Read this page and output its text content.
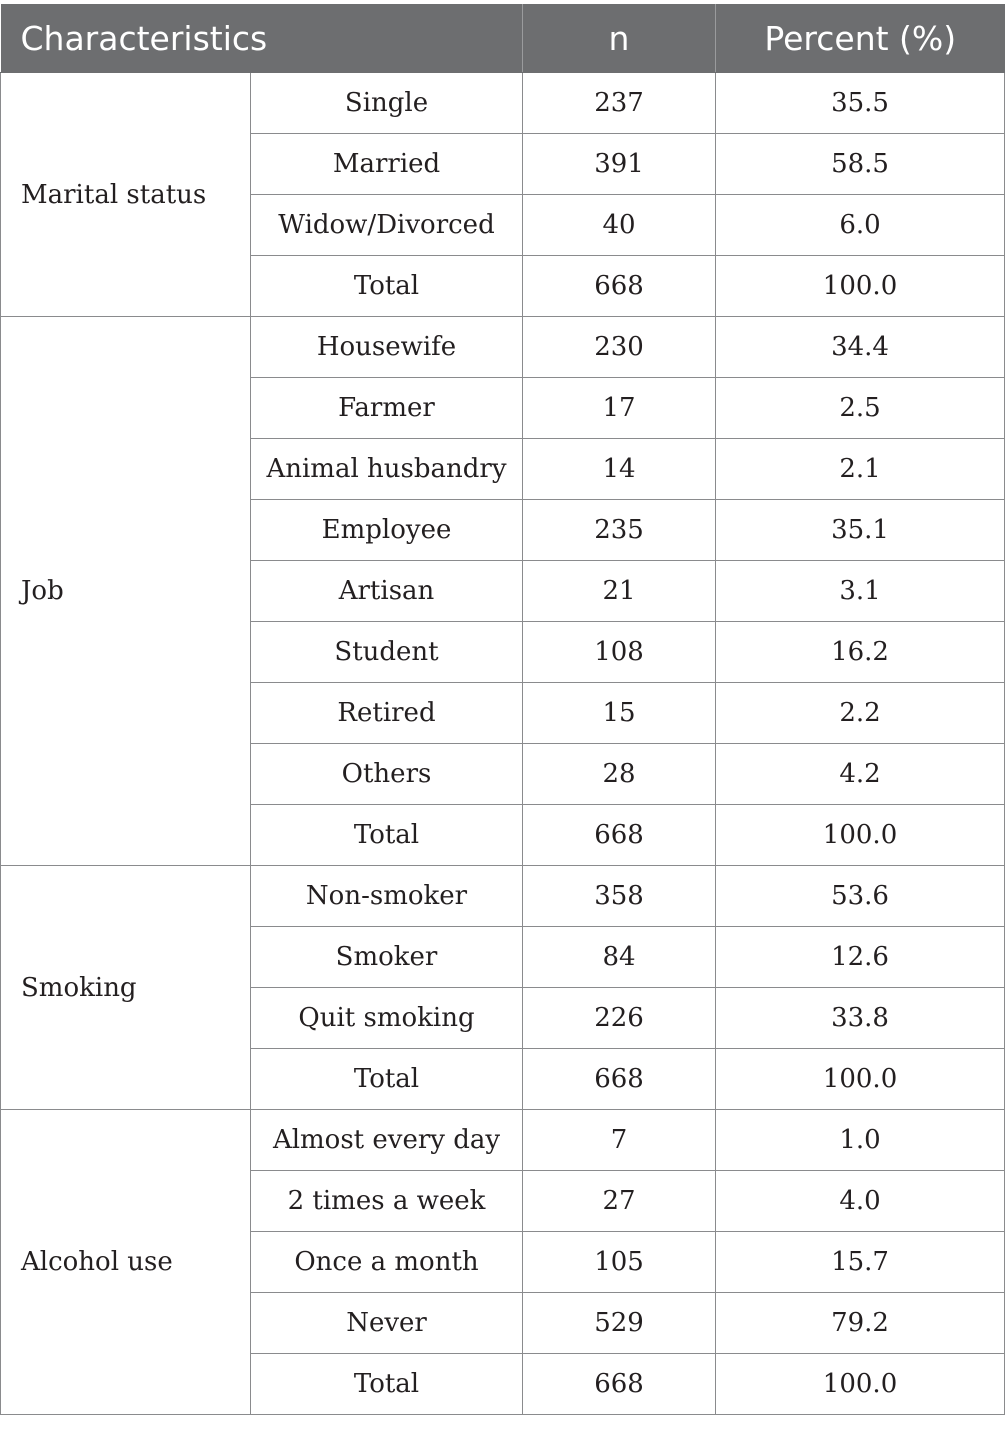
Characteristics		n	Percent (%)
Marital status	Single	237	35.5
	Married	391	58.5
	Widow/Divorced	40	6.0
	Total	668	100.0
Job	Housewife	230	34.4
	Farmer	17	2.5
	Animal husbandry	14	2.1
	Employee	235	35.1
	Artisan	21	3.1
	Student	108	16.2
	Retired	15	2.2
	Others	28	4.2
	Total	668	100.0
Smoking	Non-smoker	358	53.6
	Smoker	84	12.6
	Quit smoking	226	33.8
	Total	668	100.0
Alcohol use	Almost every day	7	1.0
	2 times a week	27	4.0
	Once a month	105	15.7
	Never	529	79.2
	Total	668	100.0
